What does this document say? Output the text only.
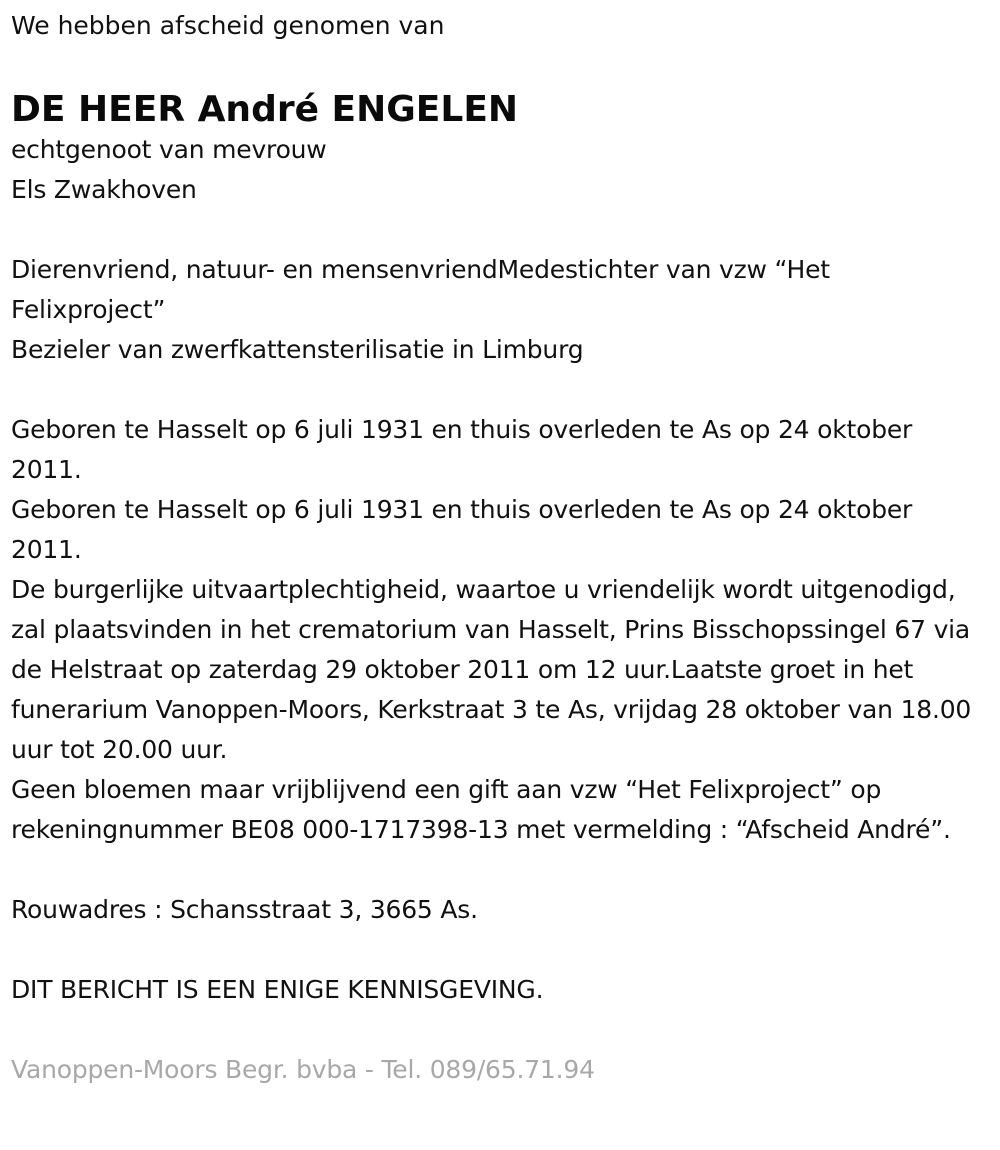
We hebben afscheid genomen van

DE HEER André ENGELEN

echtgenoot van mevrouw

Els Zwakhoven

Dierenvriend, natuur- en mensenvriendMedestichter van vzw “Het Felixproject”

Bezieler van zwerfkattensterilisatie in Limburg

Geboren te Hasselt op 6 juli 1931 en thuis overleden te As op 24 oktober 2011.

Geboren te Hasselt op 6 juli 1931 en thuis overleden te As op 24 oktober 2011.

De burgerlijke uitvaartplechtigheid, waartoe u vriendelijk wordt uitgenodigd, zal plaatsvinden in het crematorium van Hasselt, Prins Bisschopssingel 67 via de Helstraat op zaterdag 29 oktober 2011 om 12 uur.Laatste groet in het funerarium Vanoppen-Moors, Kerkstraat 3 te As, vrijdag 28 oktober van 18.00 uur tot 20.00 uur.

Geen bloemen maar vrijblijvend een gift aan vzw “Het Felixproject” op rekeningnummer BE08 000-1717398-13 met vermelding : “Afscheid André”.

Rouwadres : Schansstraat 3, 3665 As.

DIT BERICHT IS EEN ENIGE KENNISGEVING.

Vanoppen-Moors Begr. bvba - Tel. 089/65.71.94
